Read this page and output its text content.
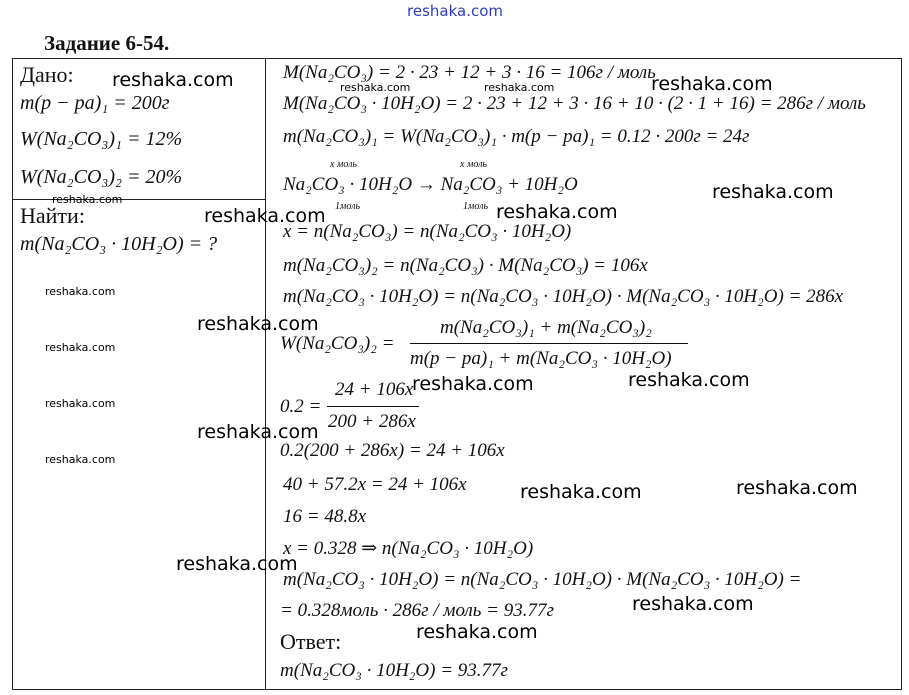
reshaka.com
Задание 6-54.
Дано:
m(p − pa)₁ = 200г
W(Na₂CO₃)₁ = 12%
W(Na₂CO₃)₂ = 20%
Найти:
m(Na₂CO₃ · 10H₂O) = ?
M(Na₂CO₃) = 2 · 23 + 12 + 3 · 16 = 106г / моль
M(Na₂CO₃ · 10H₂O) = 2 · 23 + 12 + 3 · 16 + 10 · (2 · 1 + 16) = 286г / моль
m(Na₂CO₃)₁ = W(Na₂CO₃)₁ · m(p − pa)₁ = 0.12 · 200г = 24г
x моль	x моль
Na₂CO₃ · 10H₂O → Na₂CO₃ + 10H₂O
1моль	1моль
x = n(Na₂CO₃) = n(Na₂CO₃ · 10H₂O)
m(Na₂CO₃)₂ = n(Na₂CO₃) · M(Na₂CO₃) = 106x
m(Na₂CO₃ · 10H₂O) = n(Na₂CO₃ · 10H₂O) · M(Na₂CO₃ · 10H₂O) = 286x
W(Na₂CO₃)₂ =
m(Na₂CO₃)₁ + m(Na₂CO₃)₂
m(p − pa)₁ + m(Na₂CO₃ · 10H₂O)
0.2 =
24 + 106x
200 + 286x
0.2(200 + 286x) = 24 + 106x
40 + 57.2x = 24 + 106x
16 = 48.8x
x = 0.328 ⇒ n(Na₂CO₃ · 10H₂O)
m(Na₂CO₃ · 10H₂O) = n(Na₂CO₃ · 10H₂O) · M(Na₂CO₃ · 10H₂O) =
= 0.328моль · 286г / моль = 93.77г
Ответ:
m(Na₂CO₃ · 10H₂O) = 93.77г
reshaka.com	reshaka.com
reshaka.com
reshaka.com	reshaka.com
reshaka.com
reshaka.com	reshaka.com
reshaka.com
reshaka.com	reshaka.com
reshaka.com
reshaka.com
reshaka.com
reshaka.com	reshaka.com
reshaka.com
reshaka.com
reshaka.com
reshaka.com
reshaka.com
